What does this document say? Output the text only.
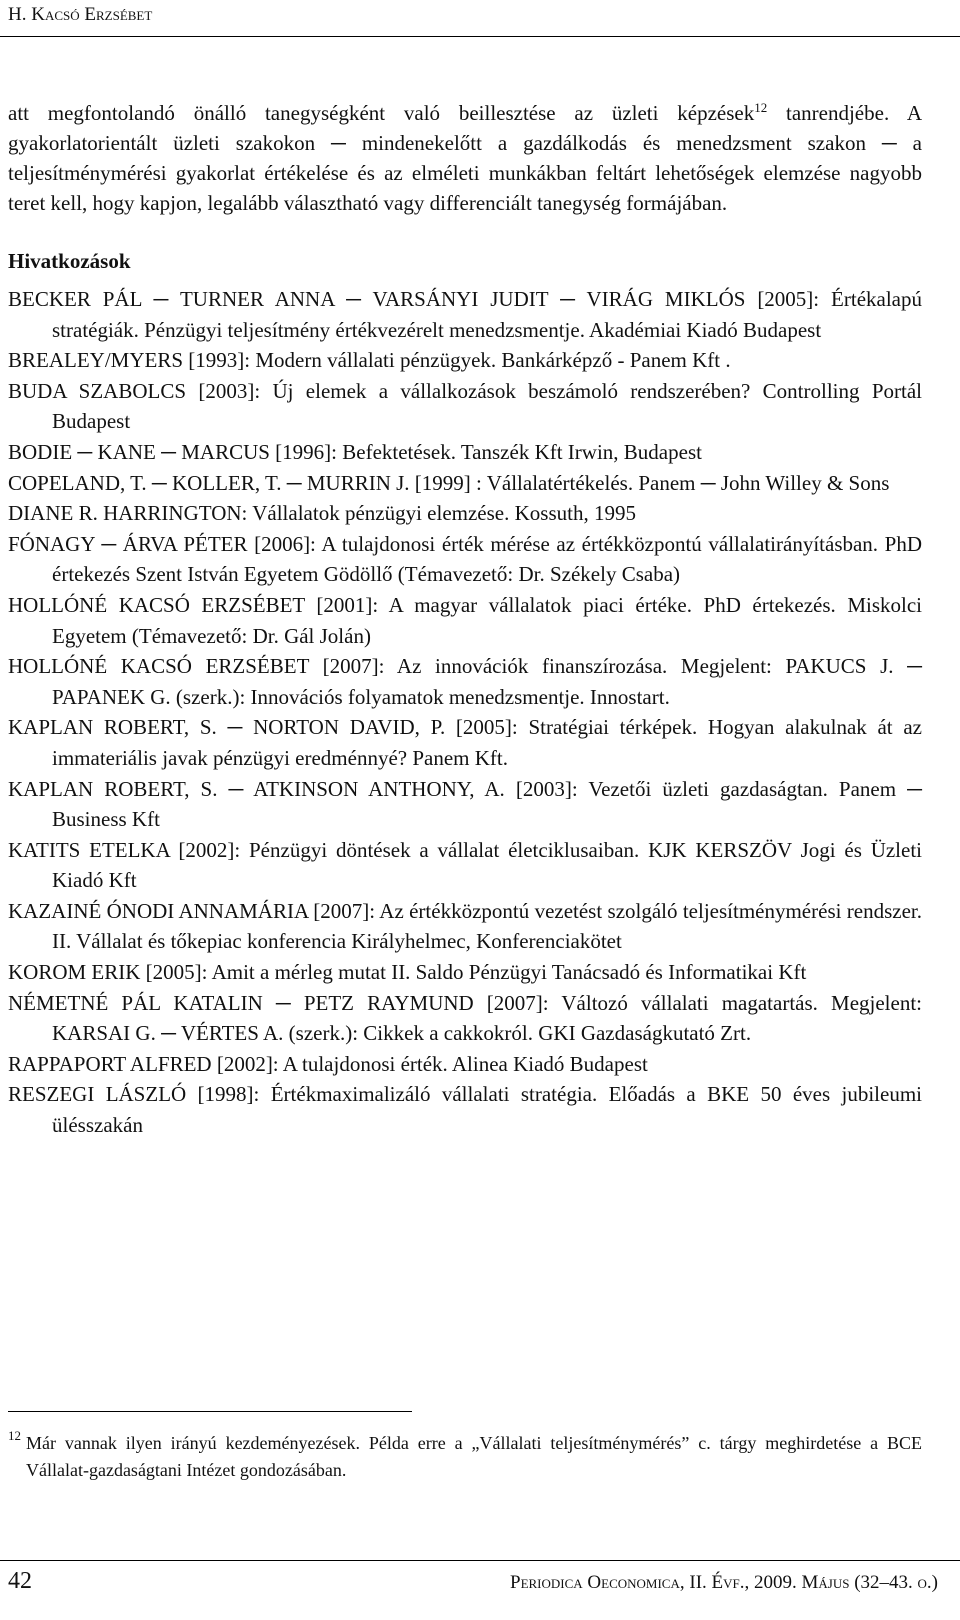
H. Kacsó Erzsébet

att megfontolandó önálló tanegységként való beillesztése az üzleti képzések$^{12}$ tanrendjébe. A gyakorlatorientált üzleti szakokon ─ mindenekelőtt a gazdálkodás és menedzsment szakon ─ a teljesítménymérési gyakorlat értékelése és az elméleti munkákban feltárt lehetőségek elemzése nagyobb teret kell, hogy kapjon, legalább választható vagy differenciált tanegység formájában.

Hivatkozások

BECKER PÁL ─ TURNER ANNA ─ VARSÁNYI JUDIT ─ VIRÁG MIKLÓS [2005]: Értékalapú stratégiák. Pénzügyi teljesítmény értékvezérelt menedzsmentje. Akadémiai Kiadó Budapest

BREALEY/MYERS [1993]: Modern vállalati pénzügyek. Bankárképző - Panem Kft .

BUDA SZABOLCS [2003]: Új elemek a vállalkozások beszámoló rendszerében? Controlling Portál Budapest

BODIE ─ KANE ─ MARCUS [1996]: Befektetések. Tanszék Kft Irwin, Budapest

COPELAND, T. ─ KOLLER, T. ─ MURRIN J. [1999] : Vállalatértékelés. Panem ─ John Willey & Sons

DIANE R. HARRINGTON: Vállalatok pénzügyi elemzése. Kossuth, 1995

FÓNAGY ─ ÁRVA PÉTER [2006]: A tulajdonosi érték mérése az értékközpontú vállalatirányításban. PhD értekezés Szent István Egyetem Gödöllő (Témavezető: Dr. Székely Csaba)

HOLLÓNÉ KACSÓ ERZSÉBET [2001]: A magyar vállalatok piaci értéke. PhD értekezés. Miskolci Egyetem (Témavezető: Dr. Gál Jolán)

HOLLÓNÉ KACSÓ ERZSÉBET [2007]: Az innovációk finanszírozása. Megjelent: PAKUCS J. ─ PAPANEK G. (szerk.): Innovációs folyamatok menedzsmentje. Innostart.

KAPLAN ROBERT, S. ─ NORTON DAVID, P. [2005]: Stratégiai térképek. Hogyan alakulnak át az immateriális javak pénzügyi eredménnyé? Panem Kft.

KAPLAN ROBERT, S. ─ ATKINSON ANTHONY, A. [2003]: Vezetői üzleti gazdaságtan. Panem ─ Business Kft

KATITS ETELKA [2002]: Pénzügyi döntések a vállalat életciklusaiban. KJK KERSZÖV Jogi és Üzleti Kiadó Kft

KAZAINÉ ÓNODI ANNAMÁRIA [2007]: Az értékközpontú vezetést szolgáló teljesítménymérési rendszer. II. Vállalat és tőkepiac konferencia Királyhelmec, Konferenciakötet

KOROM ERIK [2005]: Amit a mérleg mutat II. Saldo Pénzügyi Tanácsadó és Informatikai Kft

NÉMETNÉ PÁL KATALIN ─ PETZ RAYMUND [2007]: Változó vállalati magatartás. Megjelent: KARSAI G. ─ VÉRTES A. (szerk.): Cikkek a cakkokról. GKI Gazdaságkutató Zrt.

RAPPAPORT ALFRED [2002]: A tulajdonosi érték. Alinea Kiadó Budapest

RESZEGI LÁSZLÓ [1998]: Értékmaximalizáló vállalati stratégia. Előadás a BKE 50 éves jubileumi ülésszakán

12 Már vannak ilyen irányú kezdeményezések. Példa erre a „Vállalati teljesítménymérés” c. tárgy meghirdetése a BCE Vállalat-gazdaságtani Intézet gondozásában.
42	Periodica Oeconomica, II. Évf., 2009. Május (32–43. o.)
